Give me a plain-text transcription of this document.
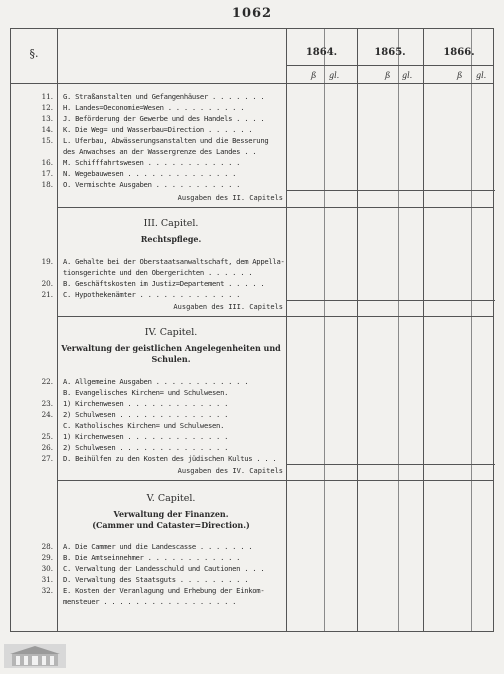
1062
§.	1864.	1865.	1866.
ß gl.	ß gl.	ß gl.
11. G. Straßanstalten und Gefangenhäuser . . . . . . .
12. H. Landes=Oeconomie=Wesen . . . . . . . . . .
13. J. Beförderung der Gewerbe und des Handels . . . .
14. K. Die Weg= und Wasserbau=Direction . . . . . .
15. L. Uferbau, Abwässerungsanstalten und die Besserung
des Anwachses an der Wassergrenze des Landes . .
16. M. Schifffahrtswesen . . . . . . . . . . . .
17. N. Wegebauwesen . . . . . . . . . . . . . .
18. O. Vermischte Ausgaben . . . . . . . . . . .
Ausgaben des II. Capitels
III. Capitel.
Rechtspflege.
19. A. Gehalte bei der Oberstaatsanwaltschaft, dem Appella-
tionsgerichte und den Obergerichten . . . . . .
20. B. Geschäftskosten im Justiz=Departement . . . . .
21. C. Hypothekenämter . . . . . . . . . . . . .
Ausgaben des III. Capitels
IV. Capitel.
Verwaltung der geistlichen Angelegenheiten und
Schulen.
22. A. Allgemeine Ausgaben . . . . . . . . . . . .
B. Evangelisches Kirchen= und Schulwesen.
23. 1) Kirchenwesen . . . . . . . . . . . . .
24. 2) Schulwesen . . . . . . . . . . . . . .
C. Katholisches Kirchen= und Schulwesen.
25. 1) Kirchenwesen . . . . . . . . . . . . .
26. 2) Schulwesen . . . . . . . . . . . . . .
27. D. Beihülfen zu den Kosten des jüdischen Kultus . . .
Ausgaben des IV. Capitels
V. Capitel.
Verwaltung der Finanzen.
(Cammer und Cataster=Direction.)
28. A. Die Cammer und die Landescasse . . . . . . .
29. B. Die Amtseinnehmer . . . . . . . . . . . .
30. C. Verwaltung der Landesschuld und Cautionen . . .
31. D. Verwaltung des Staatsguts . . . . . . . . .
32. E. Kosten der Veranlagung und Erhebung der Einkom-
mensteuer . . . . . . . . . . . . . . . . .
